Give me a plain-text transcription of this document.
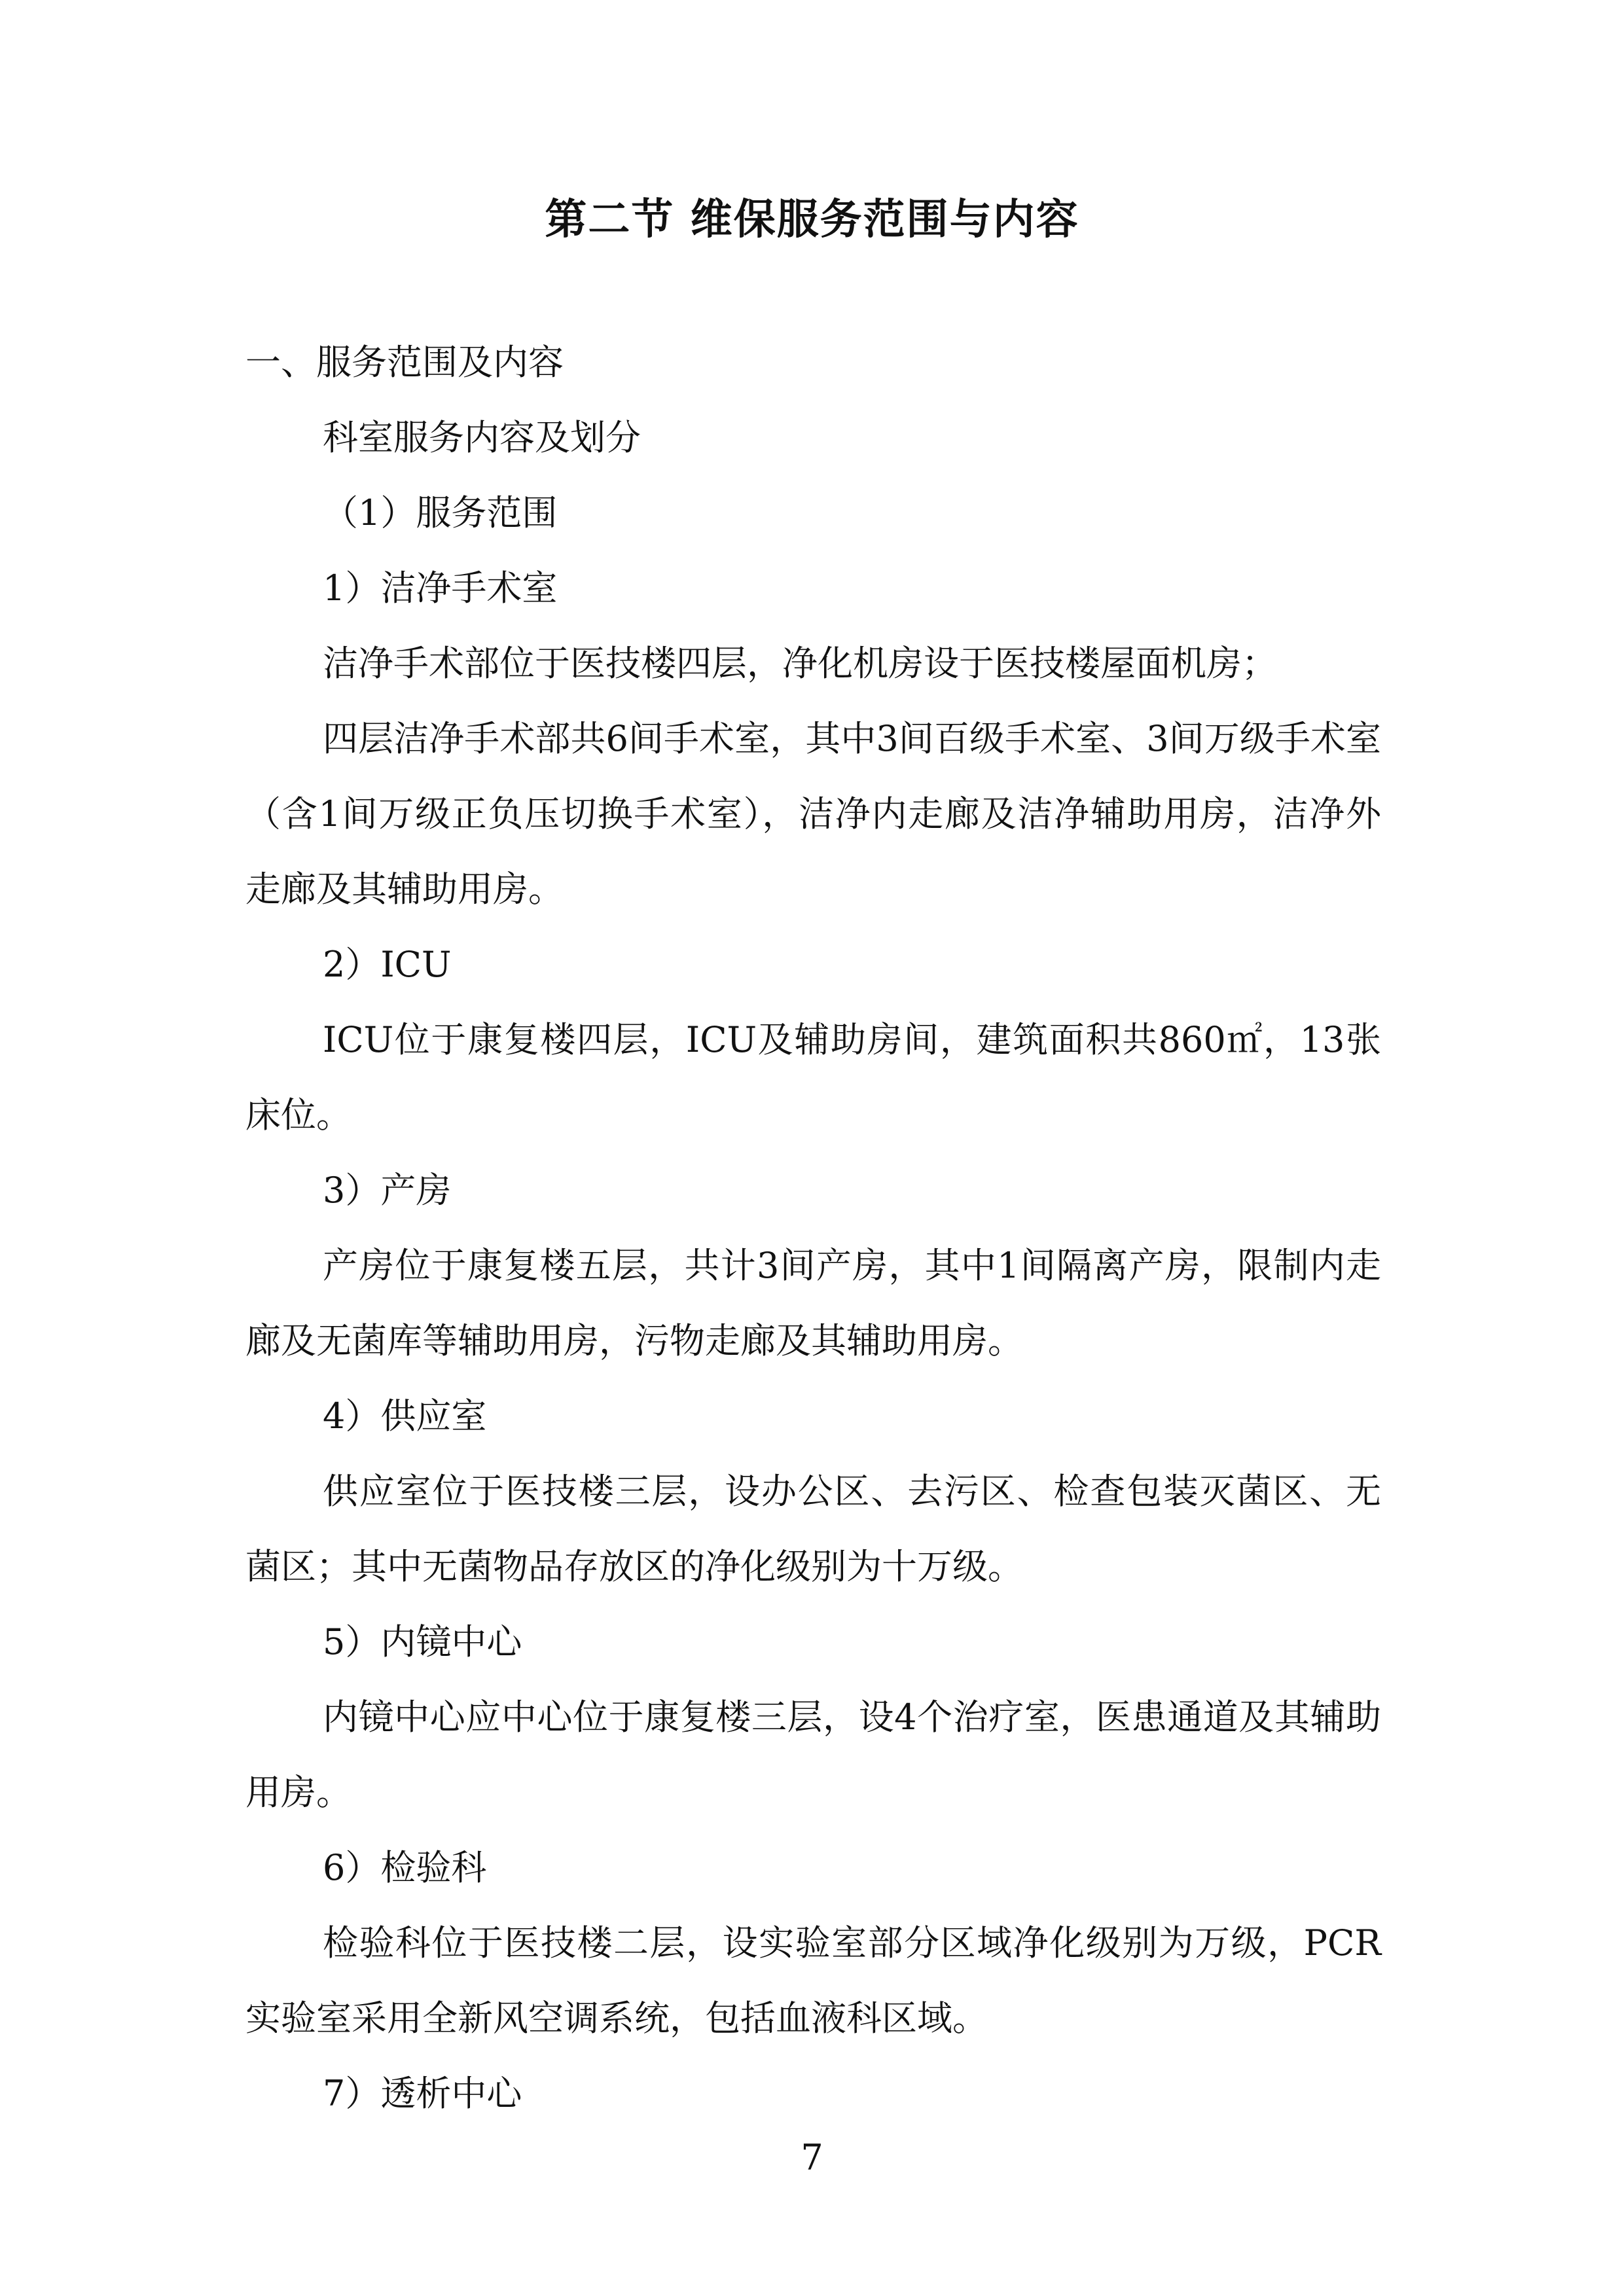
第二节 维保服务范围与内容

一、服务范围及内容

科室服务内容及划分

（1）服务范围

1）洁净手术室

洁净手术部位于医技楼四层，净化机房设于医技楼屋面机房；

四层洁净手术部共6间手术室，其中3间百级手术室、3间万级手术室（含1间万级正负压切换手术室），洁净内走廊及洁净辅助用房，洁净外走廊及其辅助用房。

2）ICU

ICU位于康复楼四层，ICU及辅助房间，建筑面积共860㎡，13张床位。

3）产房

产房位于康复楼五层，共计3间产房，其中1间隔离产房，限制内走廊及无菌库等辅助用房，污物走廊及其辅助用房。

4）供应室

供应室位于医技楼三层，设办公区、去污区、检查包装灭菌区、无菌区；其中无菌物品存放区的净化级别为十万级。

5）内镜中心

内镜中心应中心位于康复楼三层，设4个治疗室，医患通道及其辅助用房。

6）检验科

检验科位于医技楼二层，设实验室部分区域净化级别为万级，PCR实验室采用全新风空调系统，包括血液科区域。

7）透析中心

7
